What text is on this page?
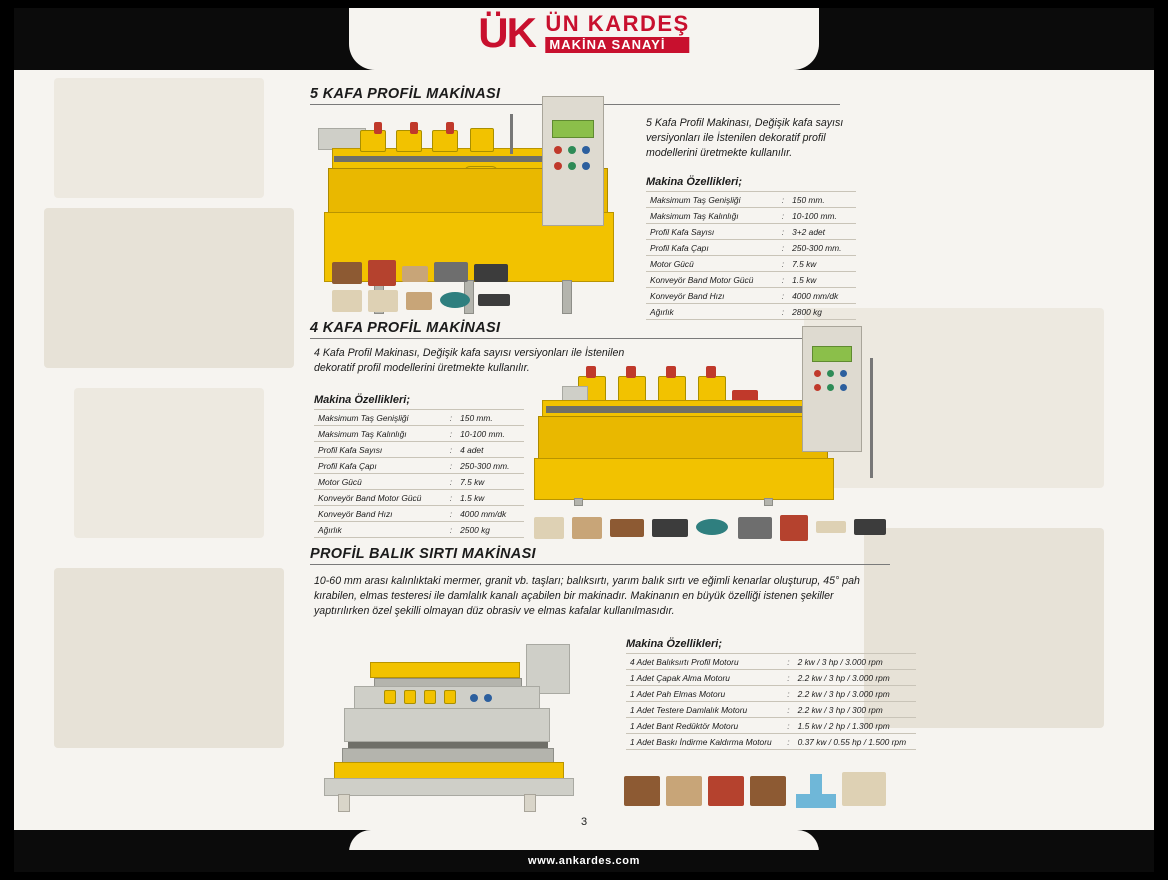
ÜK ÜN KARDEŞ
MAKİNA SANAYİ
5 KAFA PROFİL MAKİNASI
5 Kafa Profil Makinası, Değişik kafa sayısı versiyonları ile İstenilen dekoratif profil modellerini üretmekte kullanılır.
Makina Özellikleri;
Maksimum Taş Genişliği	:	150 mm.
Maksimum Taş Kalınlığı	:	10-100 mm.
Profil Kafa Sayısı	:	3+2 adet
Profil Kafa Çapı	:	250-300 mm.
Motor Gücü	:	7.5 kw
Konveyör Band Motor Gücü	:	1.5 kw
Konveyör Band Hızı	:	4000 mm/dk
Ağırlık	:	2800 kg
4 KAFA PROFİL MAKİNASI
4 Kafa Profil Makinası, Değişik kafa sayısı versiyonları ile İstenilen dekoratif profil modellerini üretmekte kullanılır.
Makina Özellikleri;
Maksimum Taş Genişliği	:	150 mm.
Maksimum Taş Kalınlığı	:	10-100 mm.
Profil Kafa Sayısı	:	4 adet
Profil Kafa Çapı	:	250-300 mm.
Motor Gücü	:	7.5 kw
Konveyör Band Motor Gücü	:	1.5 kw
Konveyör Band Hızı	:	4000 mm/dk
Ağırlık	:	2500 kg
PROFİL BALIK SIRTI MAKİNASI
10-60 mm arası kalınlıktaki mermer, granit vb. taşları; balıksırtı, yarım balık sırtı ve eğimli kenarlar oluşturup, 45° pah kırabilen, elmas testeresi ile damlalık kanalı açabilen bir makinadır. Makinanın en büyük özelliği istenen şekiller yaptırılırken özel şekilli olmayan düz obrasiv ve elmas kafalar kullanılmasıdır.
Makina Özellikleri;
4 Adet Balıksırtı Profil Motoru	:	2 kw / 3 hp / 3.000 rpm
1 Adet Çapak Alma Motoru	:	2.2 kw / 3 hp / 3.000 rpm
1 Adet Pah Elmas Motoru	:	2.2 kw / 3 hp / 3.000 rpm
1 Adet Testere Damlalık Motoru	:	2.2 kw / 3 hp / 300 rpm
1 Adet Bant Redüktör Motoru	:	1.5 kw / 2 hp / 1.300 rpm
1 Adet Baskı İndirme Kaldırma Motoru	:	0.37 kw / 0.55 hp / 1.500 rpm
3
www.ankardes.com
